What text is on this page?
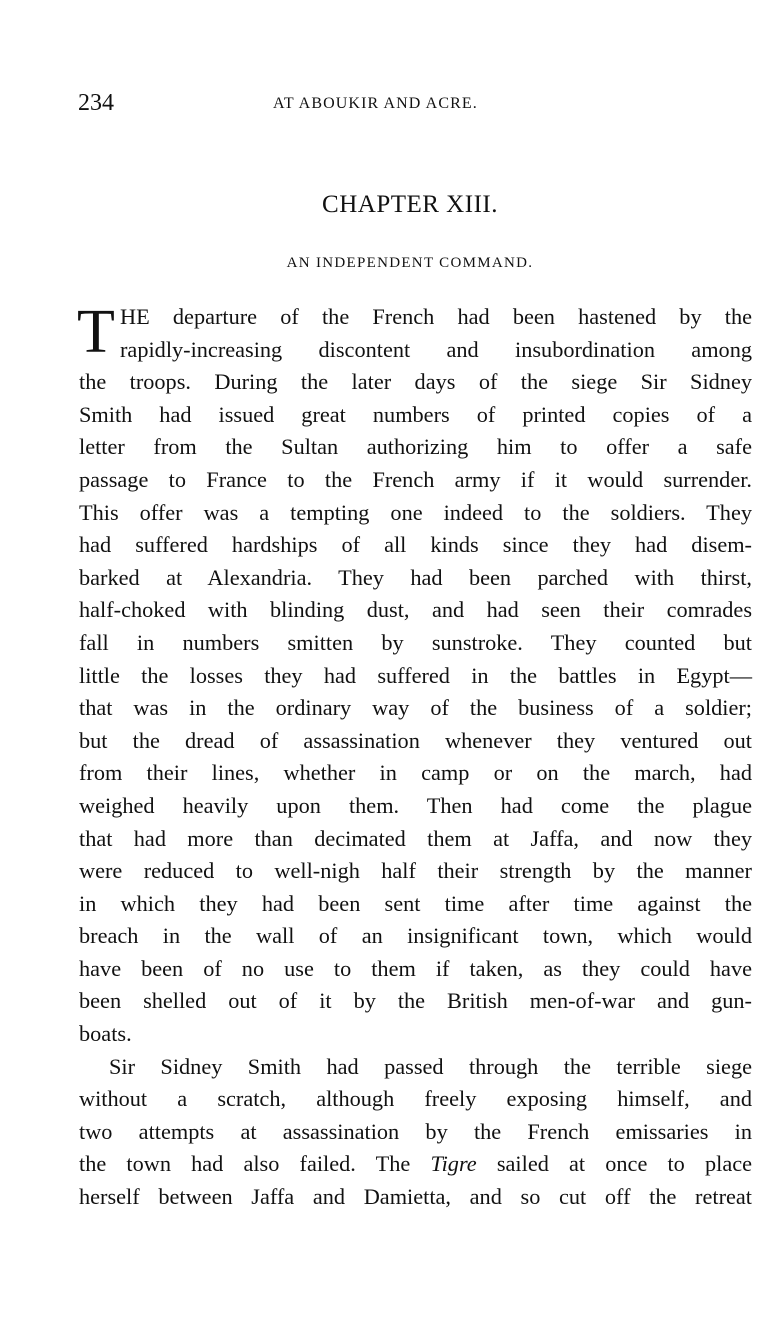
234	AT ABOUKIR AND ACRE.
CHAPTER XIII.
AN INDEPENDENT COMMAND.
T HE departure of the French had been hastened by the
rapidly-increasing discontent and insubordination among
the troops. During the later days of the siege Sir Sidney
Smith had issued great numbers of printed copies of a
letter from the Sultan authorizing him to offer a safe
passage to France to the French army if it would surrender.
This offer was a tempting one indeed to the soldiers. They
had suffered hardships of all kinds since they had disem-
barked at Alexandria. They had been parched with thirst,
half-choked with blinding dust, and had seen their comrades
fall in numbers smitten by sunstroke. They counted but
little the losses they had suffered in the battles in Egypt—
that was in the ordinary way of the business of a soldier;
but the dread of assassination whenever they ventured out
from their lines, whether in camp or on the march, had
weighed heavily upon them. Then had come the plague
that had more than decimated them at Jaffa, and now they
were reduced to well-nigh half their strength by the manner
in which they had been sent time after time against the
breach in the wall of an insignificant town, which would
have been of no use to them if taken, as they could have
been shelled out of it by the British men-of-war and gun-
boats.
Sir Sidney Smith had passed through the terrible siege
without a scratch, although freely exposing himself, and
two attempts at assassination by the French emissaries in
the town had also failed. The Tigre sailed at once to place
herself between Jaffa and Damietta, and so cut off the retreat
